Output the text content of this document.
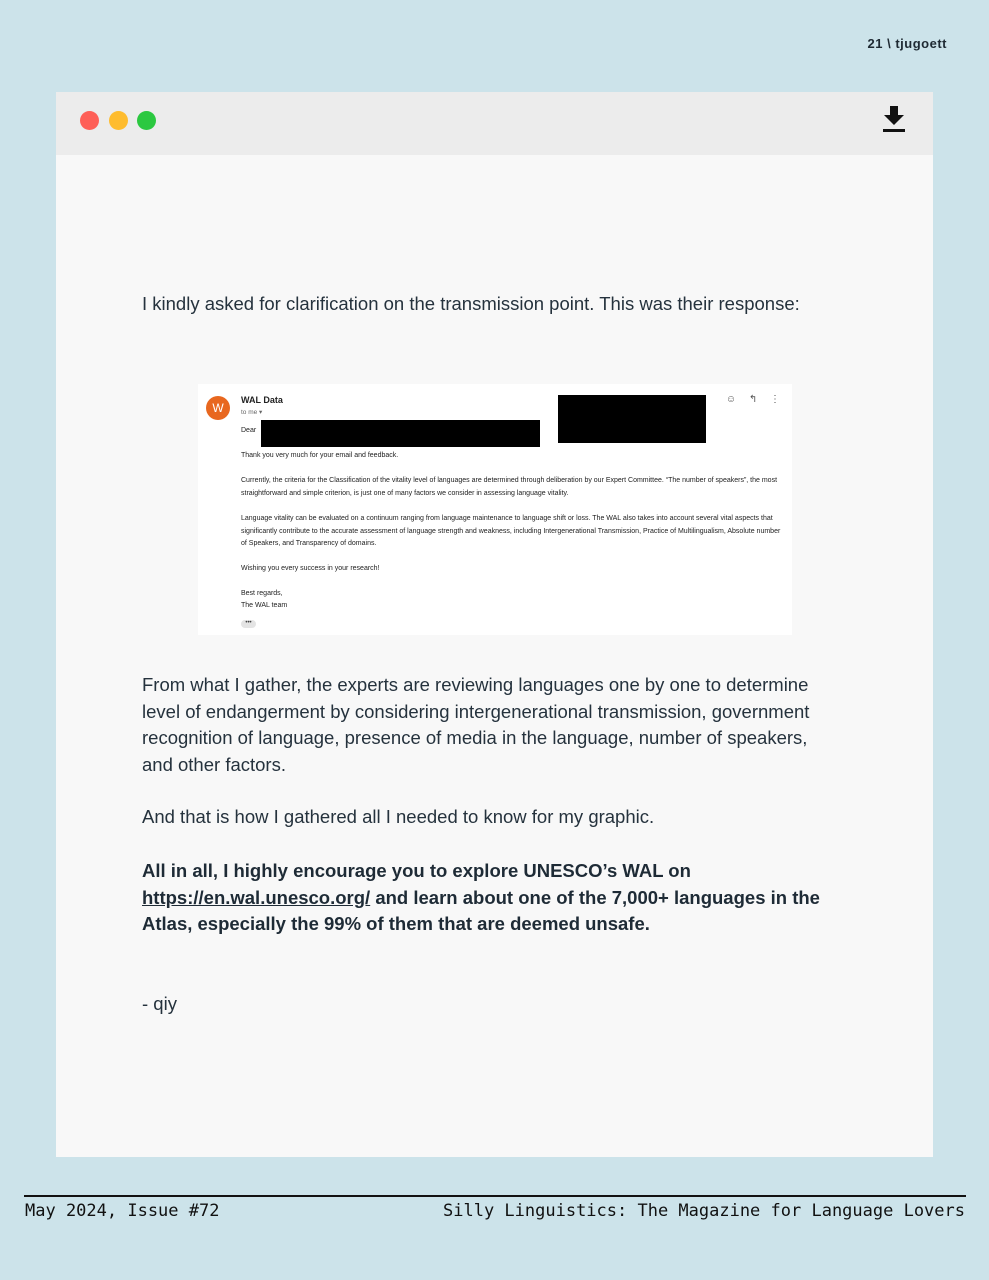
21 \ tjugoett
I kindly asked for clarification on the transmission point. This was their response:
W
WAL Data
to me ▾
Dear
☺ ↰ ⋮
Thank you very much for your email and feedback.
Currently, the criteria for the Classification of the vitality level of languages are determined through deliberation by our Expert Committee. “The number of speakers”, the most straightforward and simple criterion, is just one of many factors we consider in assessing language vitality.
Language vitality can be evaluated on a continuum ranging from language maintenance to language shift or loss. The WAL also takes into account several vital aspects that significantly contribute to the accurate assessment of language strength and weakness, including Intergenerational Transmission, Practice of Multilingualism, Absolute number of Speakers, and Transparency of domains.
Wishing you every success in your research!
Best regards,
The WAL team
•••
From what I gather, the experts are reviewing languages one by one to determine level of endangerment by considering intergenerational transmission, government recognition of language, presence of media in the language, number of speakers, and other factors.
And that is how I gathered all I needed to know for my graphic.
All in all, I highly encourage you to explore UNESCO’s WAL on https://en.wal.unesco.org/ and learn about one of the 7,000+ languages in the Atlas, especially the 99% of them that are deemed unsafe.
- qiy
May 2024, Issue #72	Silly Linguistics: The Magazine for Language Lovers
